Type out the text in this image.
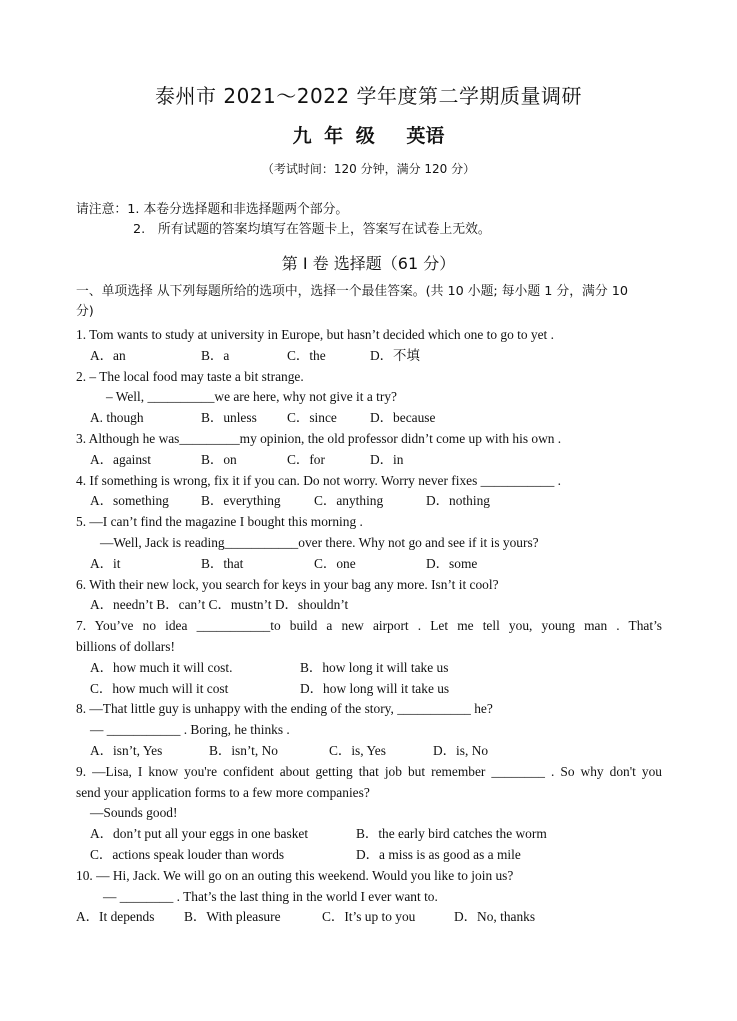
泰州市 2021～2022 学年度第二学期质量调研
九 年 级　 英语
（考试时间：120 分钟，满分 120 分）
请注意：1. 本卷分选择题和非选择题两个部分。
2.　所有试题的答案均填写在答题卡上，答案写在试卷上无效。
第 I 卷 选择题（61 分）
一、单项选择 从下列每题所给的选项中，选择一个最佳答案。(共 10 小题; 每小题 1 分，满分 10
分)
1. Tom wants to study at university in Europe, but hasn’t decided which one to go to yet .
A．an	B．a	C．the	D．不填
2. – The local food may taste a bit strange.
– Well, __________we are here, why not give it a try?
A. though	B．unless C．since D．because
3. Although he was_________my opinion, the old professor didn’t come up with his own .
A．against	B．on	C．for	D．in
4. If something is wrong, fix it if you can. Do not worry. Worry never fixes ___________ .
A．something B．everything C．anything	D．nothing
5. —I can’t find the magazine I bought this morning .
—Well, Jack is reading___________over there. Why not go and see if it is yours?
A．it	B．that	C．one	D．some
6. With their new lock, you search for keys in your bag any more. Isn’t it cool?
A．needn’t B．can’t C．mustn’t D．shouldn’t
7. You’ve no idea ___________to build a new airport . Let me tell you, young man . That’s
billions of dollars!
A．how much it will cost.	B．how long it will take us
C．how much will it cost	D．how long will it take us
8. —That little guy is unhappy with the ending of the story, ___________ he?
— ___________ . Boring, he thinks .
A．isn’t, Yes	B．isn’t, No	C．is, Yes	D．is, No
9. —Lisa, I know you're confident about getting that job but remember ________ . So why don't you
send your application forms to a few more companies?
—Sounds good!
A．don’t put all your eggs in one basket	B．the early bird catches the worm
C．actions speak louder than words	D．a miss is as good as a mile
10. — Hi, Jack. We will go on an outing this weekend. Would you like to join us?
— ________ . That’s the last thing in the world I ever want to.
A．It depends B．With pleasure	C．It’s up to you	D．No, thanks
